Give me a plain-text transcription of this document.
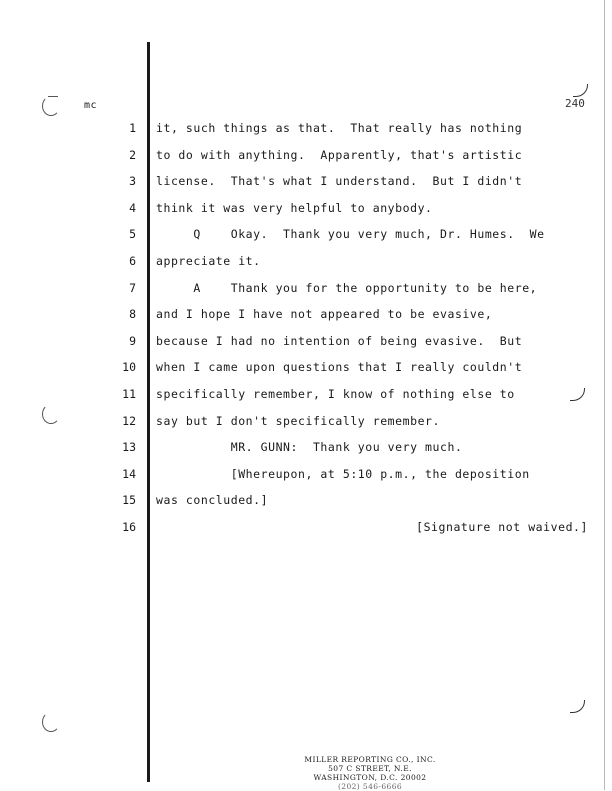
mc	240
1 it, such things as that.  That really has nothing
2 to do with anything.  Apparently, that's artistic
3 license.  That's what I understand.  But I didn't
4 think it was very helpful to anybody.
5 Q    Okay.  Thank you very much, Dr. Humes.  We
6 appreciate it.
7 A    Thank you for the opportunity to be here,
8 and I hope I have not appeared to be evasive,
9 because I had no intention of being evasive.  But
10 when I came upon questions that I really couldn't
11 specifically remember, I know of nothing else to
12 say but I don't specifically remember.
13 MR. GUNN:  Thank you very much.
14 [Whereupon, at 5:10 p.m., the deposition
15 was concluded.]
16	[Signature not waived.]
MILLER REPORTING CO., INC.
507 C STREET, N.E.
WASHINGTON, D.C. 20002
(202) 546-6666
